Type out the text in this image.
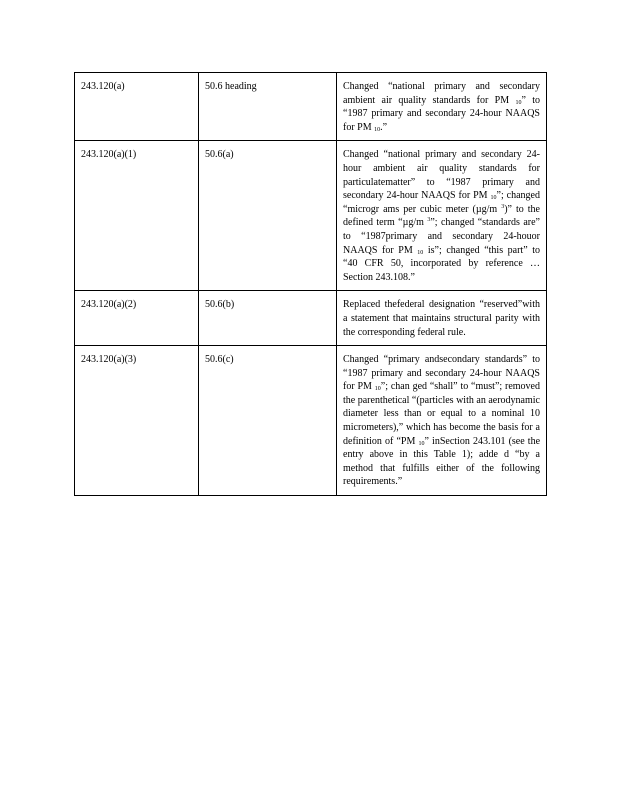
243.120(a)	50.6 heading	Changed “national primary and secondary ambient air quality standards for PM $_{10}$” to “1987 primary and secondary 24-hour NAAQS for PM $_{10}$.”
243.120(a)(1)	50.6(a)	Changed “national primary and secondary 24-hour ambient air quality standards for particulatematter” to “1987 primary and secondary 24-hour NAAQS for PM $_{10}$”; changed “microgr ams per cubic meter (µg/m $^3$)” to the defined term “µg/m $^3$”; changed “standards are” to “1987primary and secondary 24-houor NAAQS for PM $_{10}$ is”; changed “this part” to “40 CFR 50, incorporated by reference … Section 243.108.”
243.120(a)(2)	50.6(b)	Replaced thefederal designation “reserved”with a statement that maintains structural parity with the corresponding federal rule.
243.120(a)(3)	50.6(c)	Changed “primary andsecondary standards” to “1987 primary and secondary 24-hour NAAQS for PM $_{10}$”; chan ged “shall” to “must”; removed the parenthetical “(particles with an aerodynamic diameter less than or equal to a nominal 10 micrometers),” which has become the basis for a definition of “PM $_{10}$” inSection 243.101 (see the entry above in this Table 1); adde d “by a method that fulfills either of the following requirements.”
